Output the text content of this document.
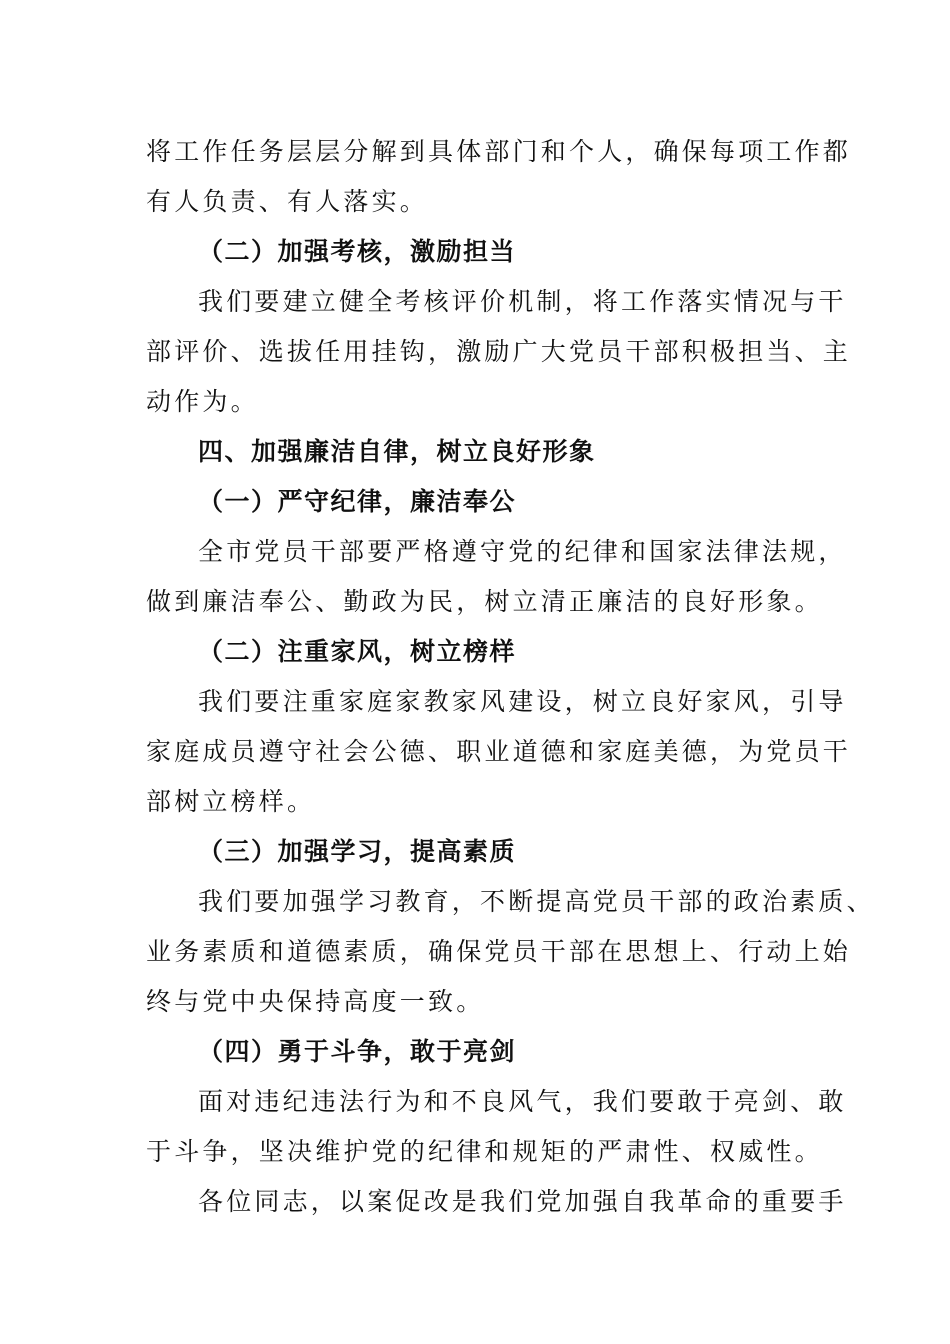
将工作任务层层分解到具体部门和个人，确保每项工作都
有人负责、有人落实。
（二）加强考核，激励担当
我们要建立健全考核评价机制，将工作落实情况与干
部评价、选拔任用挂钩，激励广大党员干部积极担当、主
动作为。
四、加强廉洁自律，树立良好形象
（一）严守纪律，廉洁奉公
全市党员干部要严格遵守党的纪律和国家法律法规，
做到廉洁奉公、勤政为民，树立清正廉洁的良好形象。
（二）注重家风，树立榜样
我们要注重家庭家教家风建设，树立良好家风，引导
家庭成员遵守社会公德、职业道德和家庭美德，为党员干
部树立榜样。
（三）加强学习，提高素质
我们要加强学习教育，不断提高党员干部的政治素质、
业务素质和道德素质，确保党员干部在思想上、行动上始
终与党中央保持高度一致。
（四）勇于斗争，敢于亮剑
面对违纪违法行为和不良风气，我们要敢于亮剑、敢
于斗争，坚决维护党的纪律和规矩的严肃性、权威性。
各位同志，以案促改是我们党加强自我革命的重要手
